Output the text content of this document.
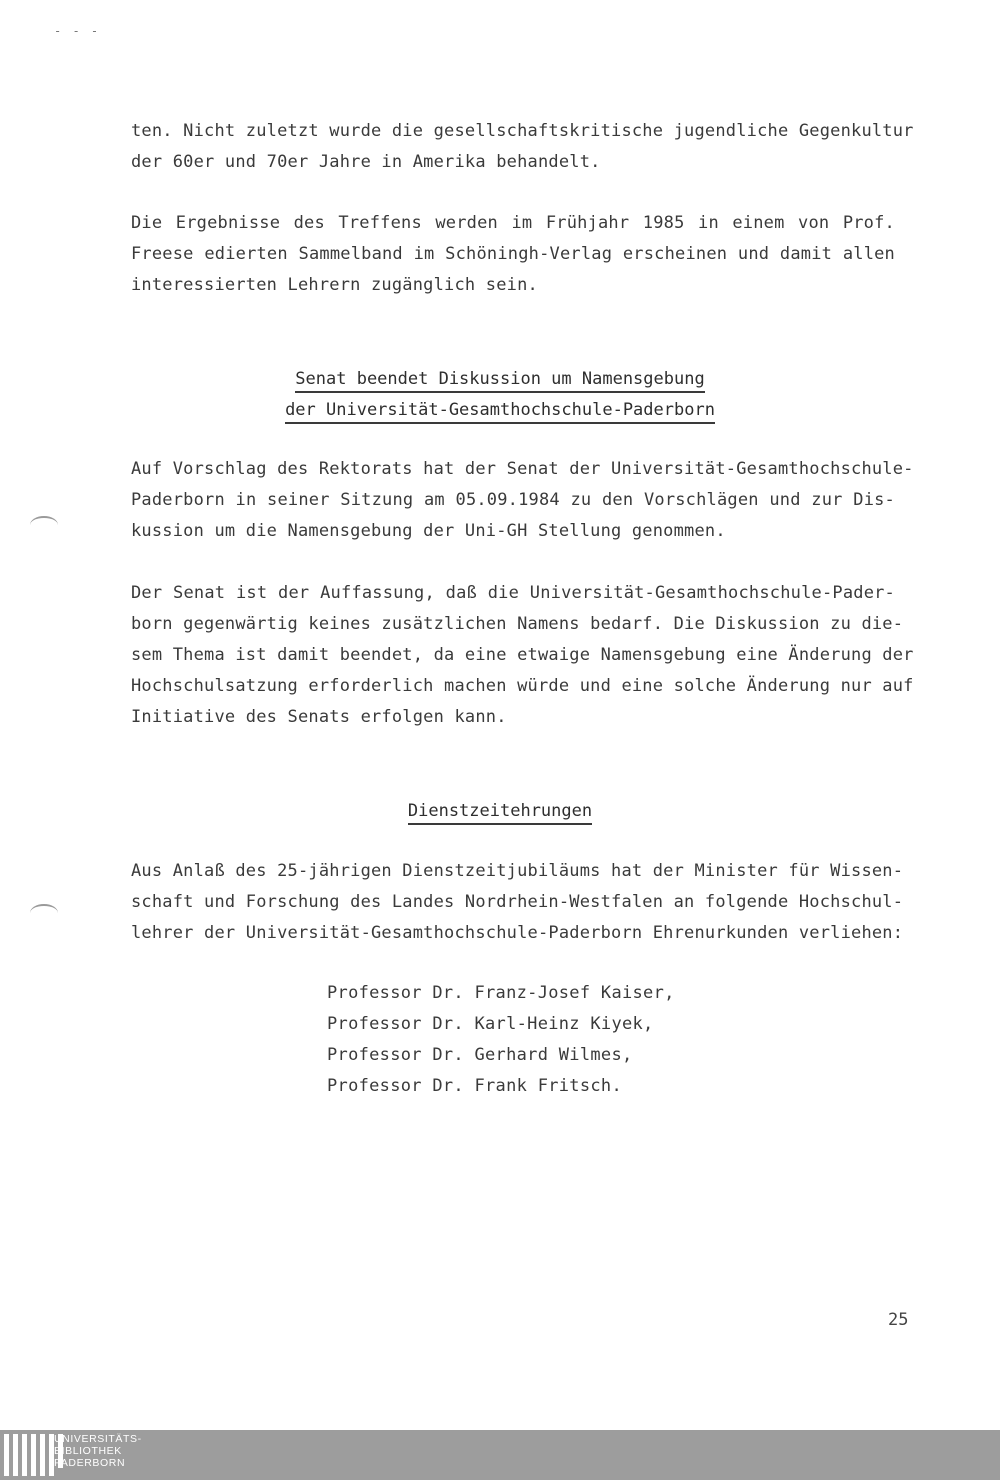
- - -
ten. Nicht zuletzt wurde die gesellschaftskritische jugendliche Gegenkultur
der 60er und 70er Jahre in Amerika behandelt.
Die Ergebnisse des Treffens werden im Frühjahr 1985 in einem von Prof.
Freese edierten Sammelband im Schöningh-Verlag erscheinen und damit allen
interessierten Lehrern zugänglich sein.
Senat beendet Diskussion um Namensgebung
der Universität-Gesamthochschule-Paderborn
Auf Vorschlag des Rektorats hat der Senat der Universität-Gesamthochschule-
Paderborn in seiner Sitzung am 05.09.1984 zu den Vorschlägen und zur Dis-
kussion um die Namensgebung der Uni-GH Stellung genommen.
Der Senat ist der Auffassung, daß die Universität-Gesamthochschule-Pader-
born gegenwärtig keines zusätzlichen Namens bedarf. Die Diskussion zu die-
sem Thema ist damit beendet, da eine etwaige Namensgebung eine Änderung der
Hochschulsatzung erforderlich machen würde und eine solche Änderung nur auf
Initiative des Senats erfolgen kann.
Dienstzeitehrungen
Aus Anlaß des 25-jährigen Dienstzeitjubiläums hat der Minister für Wissen-
schaft und Forschung des Landes Nordrhein-Westfalen an folgende Hochschul-
lehrer der Universität-Gesamthochschule-Paderborn Ehrenurkunden verliehen:
Professor Dr. Franz-Josef Kaiser,
Professor Dr. Karl-Heinz Kiyek,
Professor Dr. Gerhard Wilmes,
Professor Dr. Frank Fritsch.
25
UNIVERSITÄTS-
BIBLIOTHEK
PADERBORN
